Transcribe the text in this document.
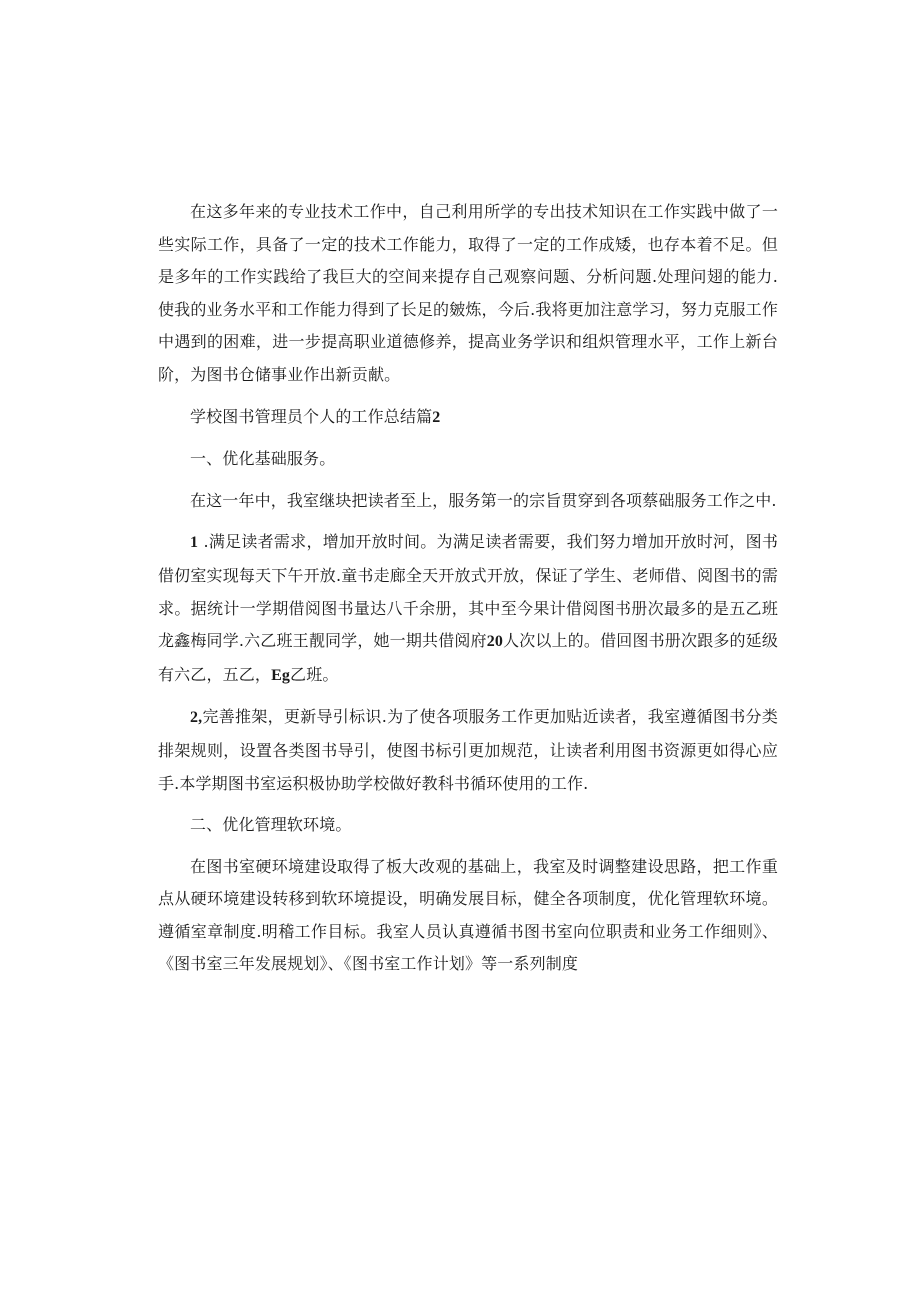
在这多年来的专业技术工作中，自己利用所学的专出技术知识在工作实践中做了一些实际工作，具备了一定的技术工作能力，取得了一定的工作成矮，也存本着不足。但是多年的工作实践给了我巨大的空间来提存自己观察问题、分析问题.处理问翅的能力.使我的业务水平和工作能力得到了长足的皴炼，今后.我将更加注意学习，努力克服工作中遇到的困难，进一步提高职业道德修养，提高业务学识和组炽管理水平，工作上新台阶，为图书仓储事业作出新贡献。

学校图书管理员个人的工作总结篇2

一、优化基础服务。

在这一年中，我室继块把读者至上，服务第一的宗旨贯穿到各项蔡础服务工作之中.

1 .满足读者需求，增加开放时间。为满足读者需要，我们努力增加开放时河，图书借仞室实现每天下午开放.童书走廊全天开放式开放，保证了学生、老师借、阅图书的需求。据统计一学期借阅图书量达八千余册，其中至今果计借阅图书册次最多的是五乙班龙鑫梅同学.六乙班王靓同学，她一期共借阅府20人次以上的。借回图书册次跟多的延级有六乙，五乙，Eg乙班。

2,完善推架，更新导引标识.为了使各项服务工作更加贴近读者，我室遵循图书分类排架规则，设置各类图书导引，使图书标引更加规范，让读者利用图书资源更如得心应手.本学期图书室运积极协助学校做好教科书循环使用的工作.

二、优化管理软环境。

在图书室硬环境建设取得了板大改观的基础上，我室及时调整建设思路，把工作重点从硬环境建设转移到软环境提设，明确发展目标，健全各项制度，优化管理软环境。遵循室章制度.明稽工作目标。我室人员认真遵循书图书室向位职责和业务工作细则》、《图书室三年发展规划》、《图书室工作计划》等一系列制度
